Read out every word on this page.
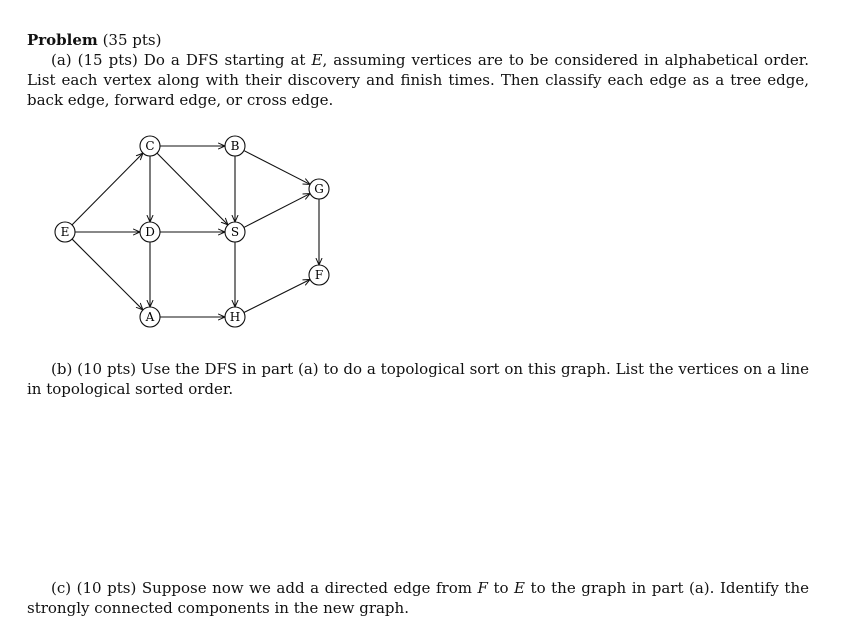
Problem (35 pts)
(a) (15 pts) Do a DFS starting at E, assuming vertices are to be considered in alphabetical order. List each vertex along with their discovery and finish times. Then classify each edge as a tree edge, back edge, forward edge, or cross edge.

E
C
D
A
B
S
H
G
F

(b) (10 pts) Use the DFS in part (a) to do a topological sort on this graph. List the vertices on a line in topological sorted order.

(c) (10 pts) Suppose now we add a directed edge from F to E to the graph in part (a). Identify the strongly connected components in the new graph.
